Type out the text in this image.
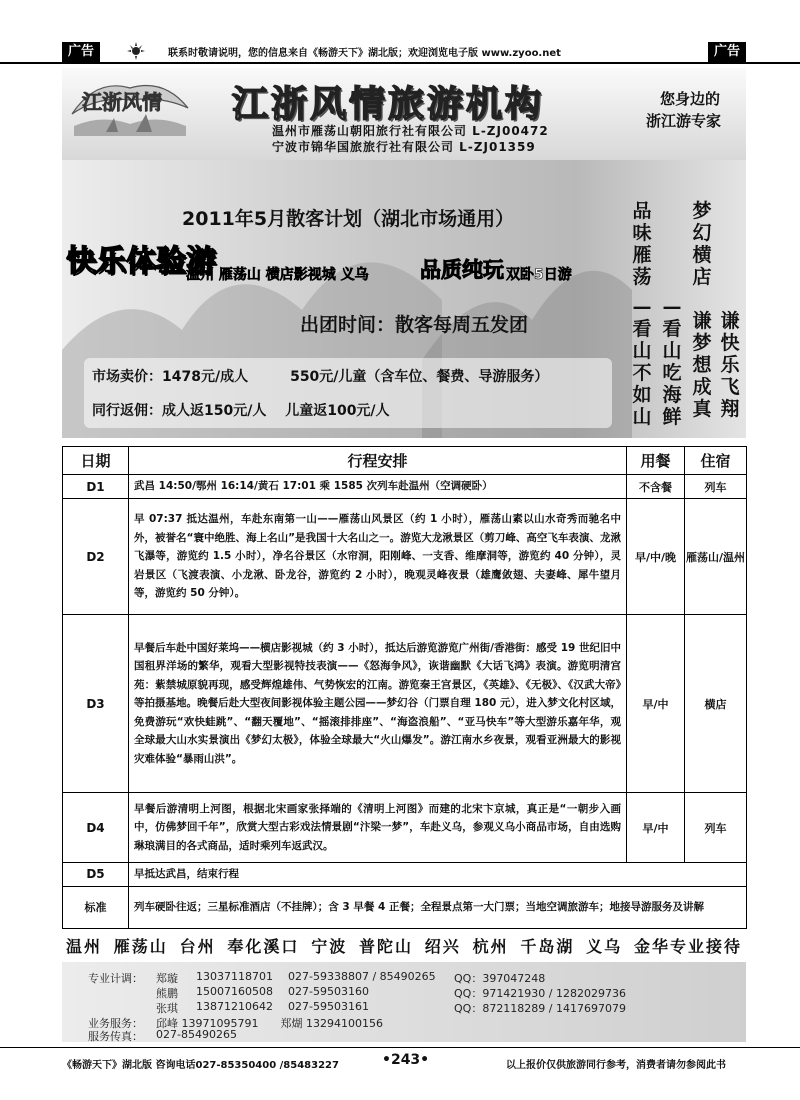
广告	联系时敬请说明，您的信息来自《畅游天下》湖北版；欢迎浏览电子版 www.zyoo.net	广告
江浙风情 江浙风情旅游机构
温州市雁荡山朝阳旅行社有限公司 L-ZJ00472
宁波市锦华国旅旅行社有限公司 L-ZJ01359
您身边的
浙江游专家
2011年5月散客计划（湖北市场通用）
快乐体验游
温州 雁荡山 横店影视城 义乌 品质纯玩 双卧5日游
出团时间：散客每周五发团
市场卖价：1478元/成人　　　550元/儿童（含车位、餐费、导游服务）
同行返佣：成人返150元/人　 儿童返100元/人
品味雁荡
梦幻横店
—看山不如山
—看山吃海鲜
谦梦想成真
谦快乐飞翔
日期	行程安排	用餐	住宿
D1	武昌 14:50/鄂州 16:14/黄石 17:01 乘 1585 次列车赴温州（空调硬卧）	不含餐	列车
D2	早 07:37 抵达温州，车赴东南第一山——雁荡山风景区（约 1 小时），雁荡山素以山水奇秀而驰名中外，被誉名“寰中绝胜、海上名山”是我国十大名山之一。游览大龙湫景区（剪刀峰、高空飞车表演、龙湫飞瀑等，游览约 1.5 小时），净名谷景区（水帘洞，阳刚峰、一支香、维摩洞等，游览约 40 分钟），灵岩景区（飞渡表演、小龙湫、卧龙谷，游览约 2 小时），晚观灵峰夜景（雄鹰敛翅、夫妻峰、犀牛望月等，游览约 50 分钟）。	早/中/晚	雁荡山/温州
D3	早餐后车赴中国好莱坞——横店影视城（约 3 小时），抵达后游览游览广州街/香港街：感受 19 世纪旧中国租界洋场的繁华，观看大型影视特技表演——《怒海争风》，诙谐幽默《大话飞鸿》表演。游览明清宫苑：紫禁城原貌再现，感受辉煌雄伟、气势恢宏的江南。游览秦王宫景区，《英雄》、《无极》、《汉武大帝》等拍摄基地。晚餐后赴大型夜间影视体验主题公园——梦幻谷（门票自理 180 元），进入梦文化村区域，免费游玩“欢快蛙跳”、“翻天覆地”、“摇滚排排座”、“海盗浪船”、“亚马快车”等大型游乐嘉年华，观全球最大山水实景演出《梦幻太极》，体验全球最大“火山爆发”。游江南水乡夜景，观看亚洲最大的影视灾难体验“暴雨山洪”。	早/中	横店
D4	早餐后游清明上河图，根据北宋画家张择端的《清明上河图》而建的北宋卞京城，真正是“一朝步入画中，仿佛梦回千年”，欣赏大型古彩戏法情景剧“汴梁一梦”，车赴义乌，参观义乌小商品市场，自由选购琳琅满目的各式商品，适时乘列车返武汉。	早/中	列车
D5	早抵达武昌，结束行程		
标准	列车硬卧往返；三星标准酒店（不挂牌）；含 3 早餐 4 正餐；全程景点第一大门票；当地空调旅游车；地接导游服务及讲解		
温州 雁荡山 台州 奉化溪口 宁波 普陀山 绍兴 杭州 千岛湖 义乌 金华专业接待
专业计调： 郑璇 13037118701 027-59338807 / 85490265 QQ：397047248
熊鹏 15007160508 027-59503160	QQ：971421930 / 1282029736
张琪 13871210642 027-59503161	QQ：872118289 / 1417697079
业务服务： 邱峰 13971095791　　郑煳 13294100156
服务传真： 027-85490265
《畅游天下》湖北版 咨询电话027-85350400 /85483227	•243•	以上报价仅供旅游同行参考，消费者请勿参阅此书
